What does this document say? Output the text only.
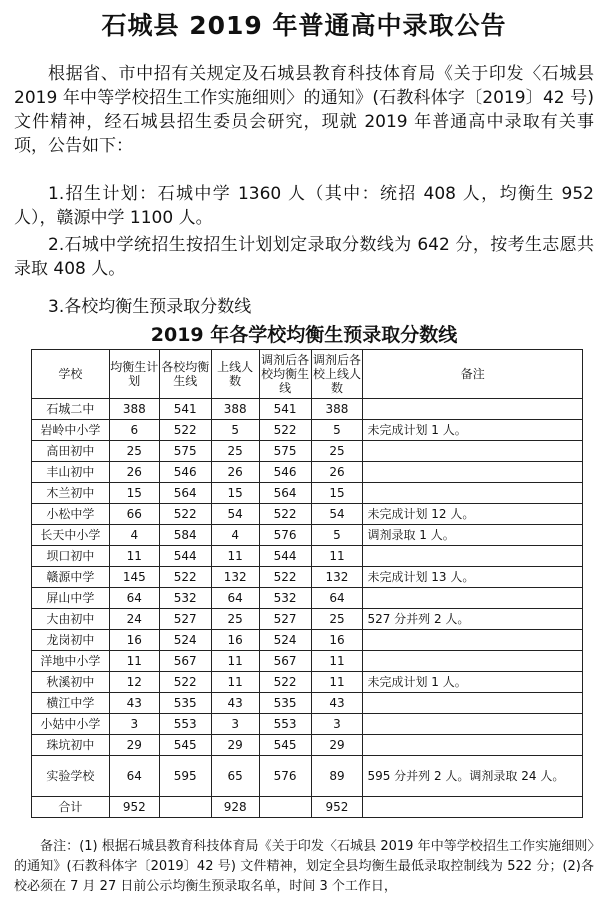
石城县 2019 年普通高中录取公告
根据省、市中招有关规定及石城县教育科技体育局《关于印发〈石城县 2019 年中等学校招生工作实施细则〉的通知》(石教科体字〔2019〕42 号)文件精神，经石城县招生委员会研究，现就 2019 年普通高中录取有关事项，公告如下：
1.招生计划：石城中学 1360 人（其中：统招 408 人，均衡生 952 人），赣源中学 1100 人。
2.石城中学统招生按招生计划划定录取分数线为 642 分，按考生志愿共录取 408 人。
3.各校均衡生预录取分数线
2019 年各学校均衡生预录取分数线
学校	均衡生计划	各校均衡生线	上线人数	调剂后各校均衡生线	调剂后各校上线人数	备注
石城二中	388	541	388	541	388	
岩岭中小学	6	522	5	522	5	未完成计划 1 人。
高田初中	25	575	25	575	25	
丰山初中	26	546	26	546	26	
木兰初中	15	564	15	564	15	
小松中学	66	522	54	522	54	未完成计划 12 人。
长天中小学	4	584	4	576	5	调剂录取 1 人。
坝口初中	11	544	11	544	11	
赣源中学	145	522	132	522	132	未完成计划 13 人。
屏山中学	64	532	64	532	64	
大由初中	24	527	25	527	25	527 分并列 2 人。
龙岗初中	16	524	16	524	16	
洋地中小学	11	567	11	567	11	
秋溪初中	12	522	11	522	11	未完成计划 1 人。
横江中学	43	535	43	535	43	
小姑中小学	3	553	3	553	3	
珠坑初中	29	545	29	545	29	
实验学校	64	595	65	576	89	595 分并列 2 人。调剂录取 24 人。
合计	952		928		952	
备注：(1) 根据石城县教育科技体育局《关于印发〈石城县 2019 年中等学校招生工作实施细则〉的通知》(石教科体字〔2019〕42 号) 文件精神，划定全县均衡生最低录取控制线为 522 分；(2)各校必须在 7 月 27 日前公示均衡生预录取名单，时间 3 个工作日，
